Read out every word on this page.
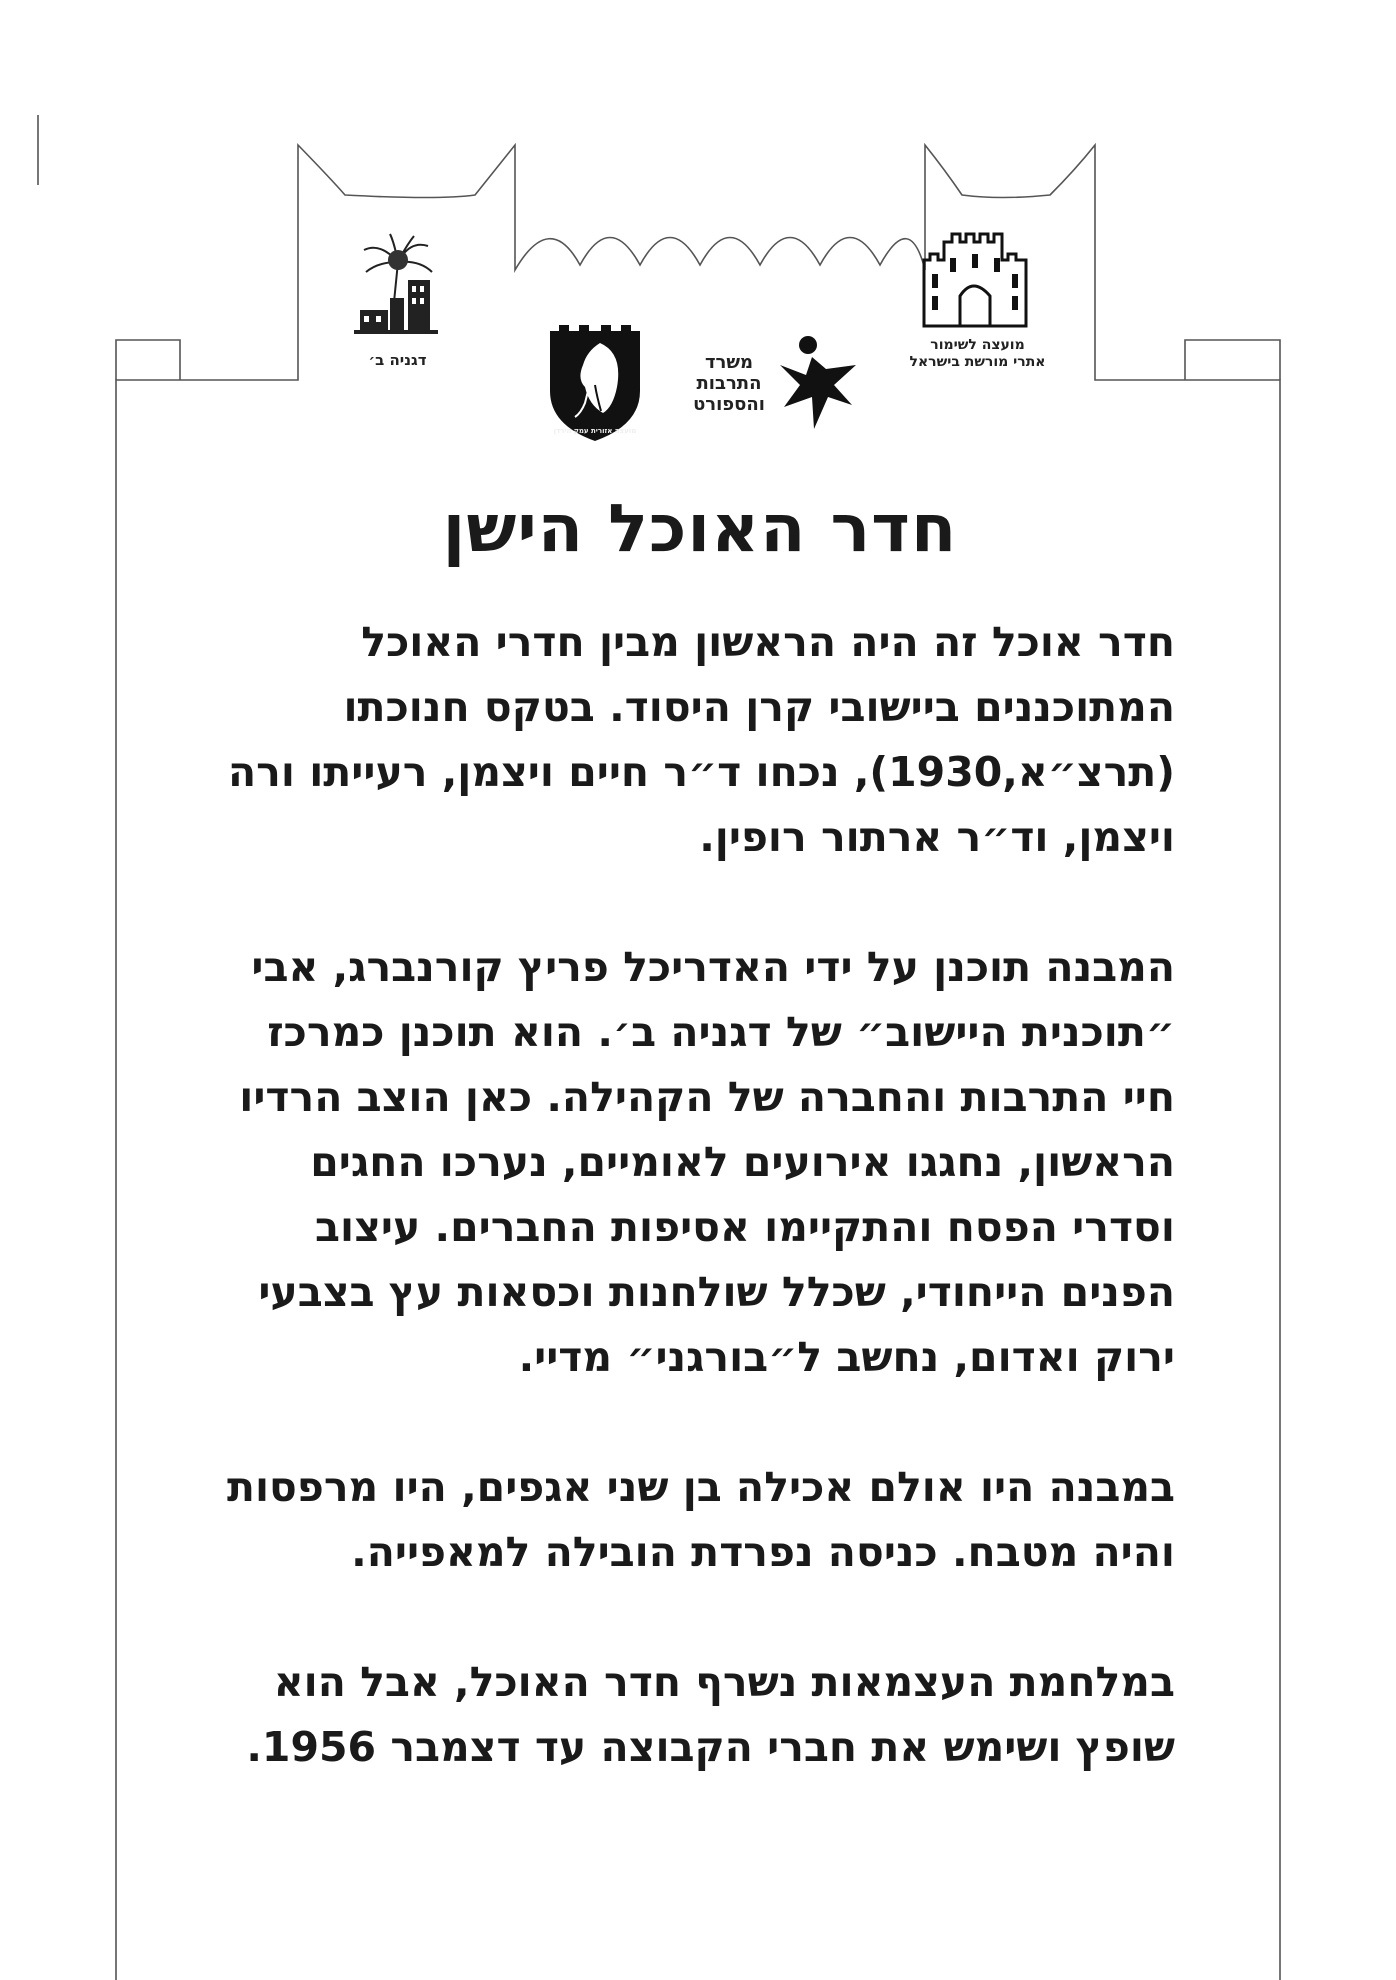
דגניה ב׳
מועצה אזורית עמק הירדן
משרד
התרבות
והספורט
מועצה לשימור
אתרי מורשת בישראל
חדר האוכל הישן

חדר אוכל זה היה הראשון מבין חדרי האוכל המתוכננים ביישובי קרן היסוד. בטקס חנוכתו (תרצ״א,1930), נכחו ד״ר חיים ויצמן, רעייתו ורה ויצמן, וד״ר ארתור רופין.

המבנה תוכנן על ידי האדריכל פריץ קורנברג, אבי ״תוכנית היישוב״ של דגניה ב׳. הוא תוכנן כמרכז חיי התרבות והחברה של הקהילה. כאן הוצב הרדיו הראשון, נחגגו אירועים לאומיים, נערכו החגים וסדרי הפסח והתקיימו אסיפות החברים. עיצוב הפנים הייחודי, שכלל שולחנות וכסאות עץ בצבעי ירוק ואדום, נחשב ל״בורגני״ מדיי.

במבנה היו אולם אכילה בן שני אגפים, היו מרפסות והיה מטבח. כניסה נפרדת הובילה למאפייה.

במלחמת העצמאות נשרף חדר האוכל, אבל הוא שופץ ושימש את חברי הקבוצה עד דצמבר 1956.
